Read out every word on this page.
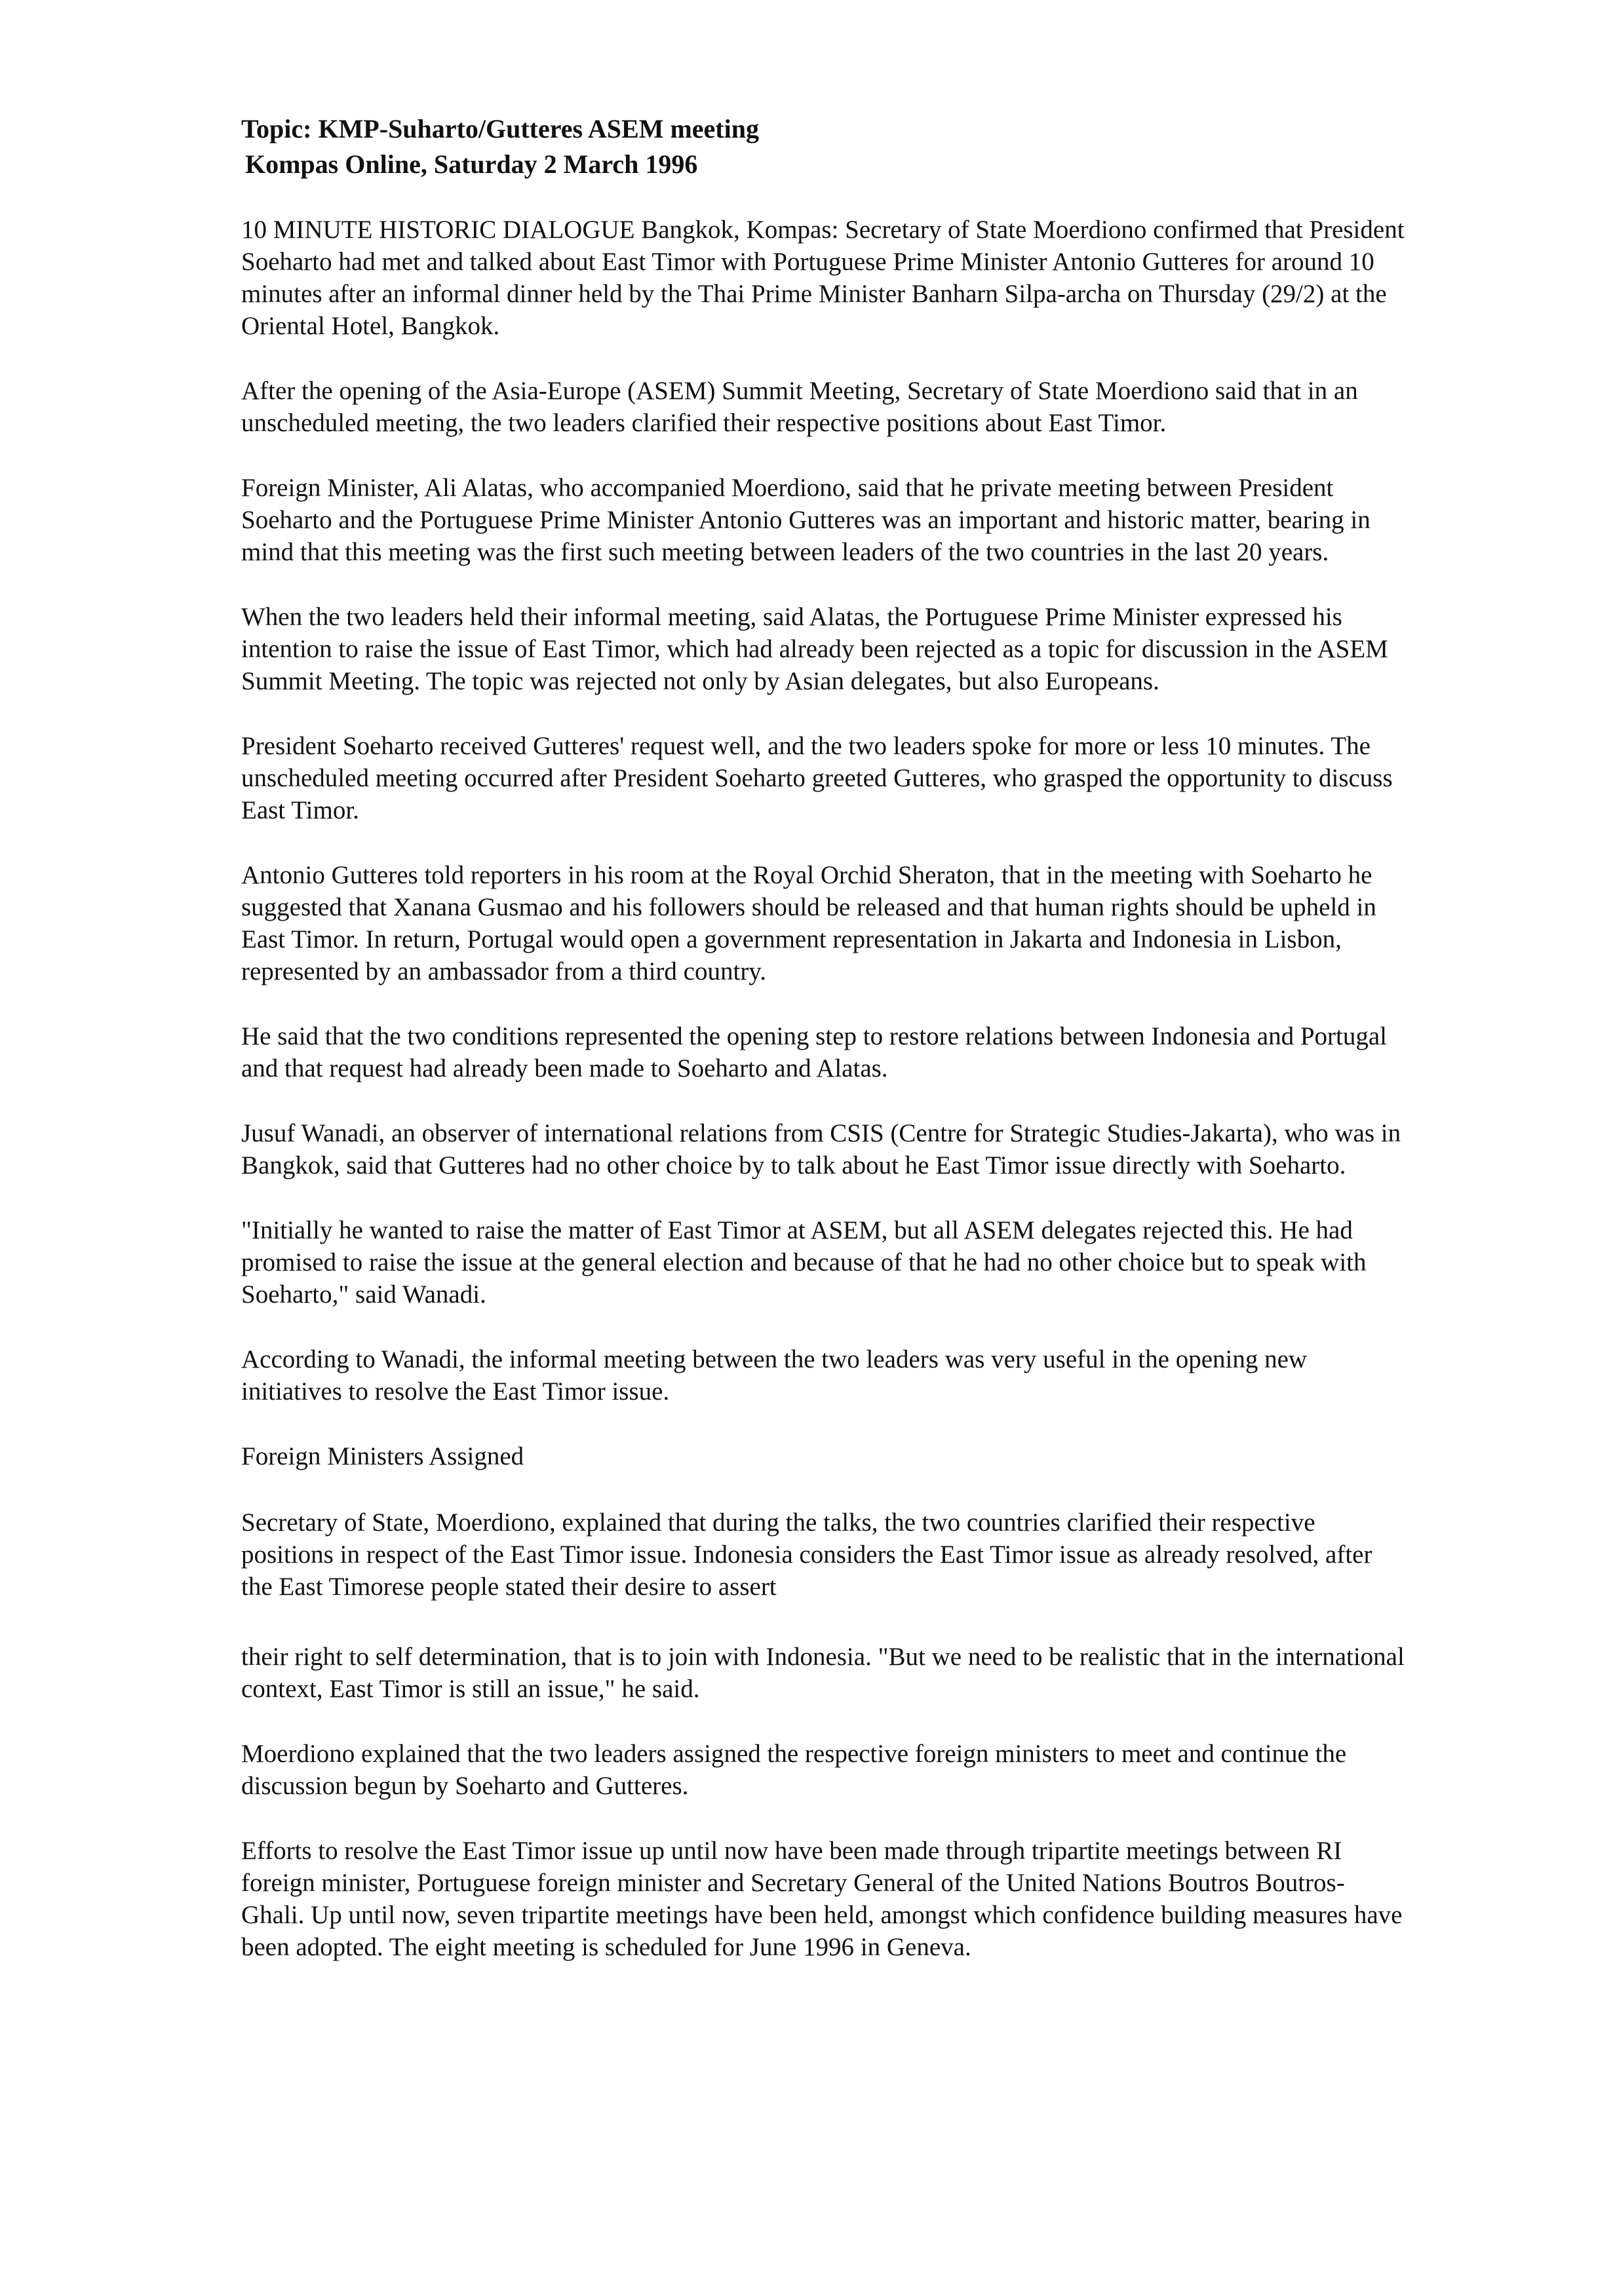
Topic: KMP-Suharto/Gutteres ASEM meeting
Kompas Online, Saturday 2 March 1996

10 MINUTE HISTORIC DIALOGUE Bangkok, Kompas: Secretary of State Moerdiono confirmed that President Soeharto had met and talked about East Timor with Portuguese Prime Minister Antonio Gutteres for around 10 minutes after an informal dinner held by the Thai Prime Minister Banharn Silpa-archa on Thursday (29/2) at the Oriental Hotel, Bangkok.

After the opening of the Asia-Europe (ASEM) Summit Meeting, Secretary of State Moerdiono said that in an unscheduled meeting, the two leaders clarified their respective positions about East Timor.

Foreign Minister, Ali Alatas, who accompanied Moerdiono, said that he private meeting between President Soeharto and the Portuguese Prime Minister Antonio Gutteres was an important and historic matter, bearing in mind that this meeting was the first such meeting between leaders of the two countries in the last 20 years.

When the two leaders held their informal meeting, said Alatas, the Portuguese Prime Minister expressed his intention to raise the issue of East Timor, which had already been rejected as a topic for discussion in the ASEM Summit Meeting. The topic was rejected not only by Asian delegates, but also Europeans.

President Soeharto received Gutteres' request well, and the two leaders spoke for more or less 10 minutes. The unscheduled meeting occurred after President Soeharto greeted Gutteres, who grasped the opportunity to discuss East Timor.

Antonio Gutteres told reporters in his room at the Royal Orchid Sheraton, that in the meeting with Soeharto he suggested that Xanana Gusmao and his followers should be released and that human rights should be upheld in East Timor. In return, Portugal would open a government representation in Jakarta and Indonesia in Lisbon, represented by an ambassador from a third country.

He said that the two conditions represented the opening step to restore relations between Indonesia and Portugal and that request had already been made to Soeharto and Alatas.

Jusuf Wanadi, an observer of international relations from CSIS (Centre for Strategic Studies-Jakarta), who was in Bangkok, said that Gutteres had no other choice by to talk about he East Timor issue directly with Soeharto.

"Initially he wanted to raise the matter of East Timor at ASEM, but all ASEM delegates rejected this. He had promised to raise the issue at the general election and because of that he had no other choice but to speak with Soeharto," said Wanadi.

According to Wanadi, the informal meeting between the two leaders was very useful in the opening new initiatives to resolve the East Timor issue.

Foreign Ministers Assigned

Secretary of State, Moerdiono, explained that during the talks, the two countries clarified their respective positions in respect of the East Timor issue. Indonesia considers the East Timor issue as already resolved, after the East Timorese people stated their desire to assert

their right to self determination, that is to join with Indonesia. "But we need to be realistic that in the international context, East Timor is still an issue," he said.

Moerdiono explained that the two leaders assigned the respective foreign ministers to meet and continue the discussion begun by Soeharto and Gutteres.

Efforts to resolve the East Timor issue up until now have been made through tripartite meetings between RI foreign minister, Portuguese foreign minister and Secretary General of the United Nations Boutros Boutros-Ghali. Up until now, seven tripartite meetings have been held, amongst which confidence building measures have been adopted. The eight meeting is scheduled for June 1996 in Geneva.
